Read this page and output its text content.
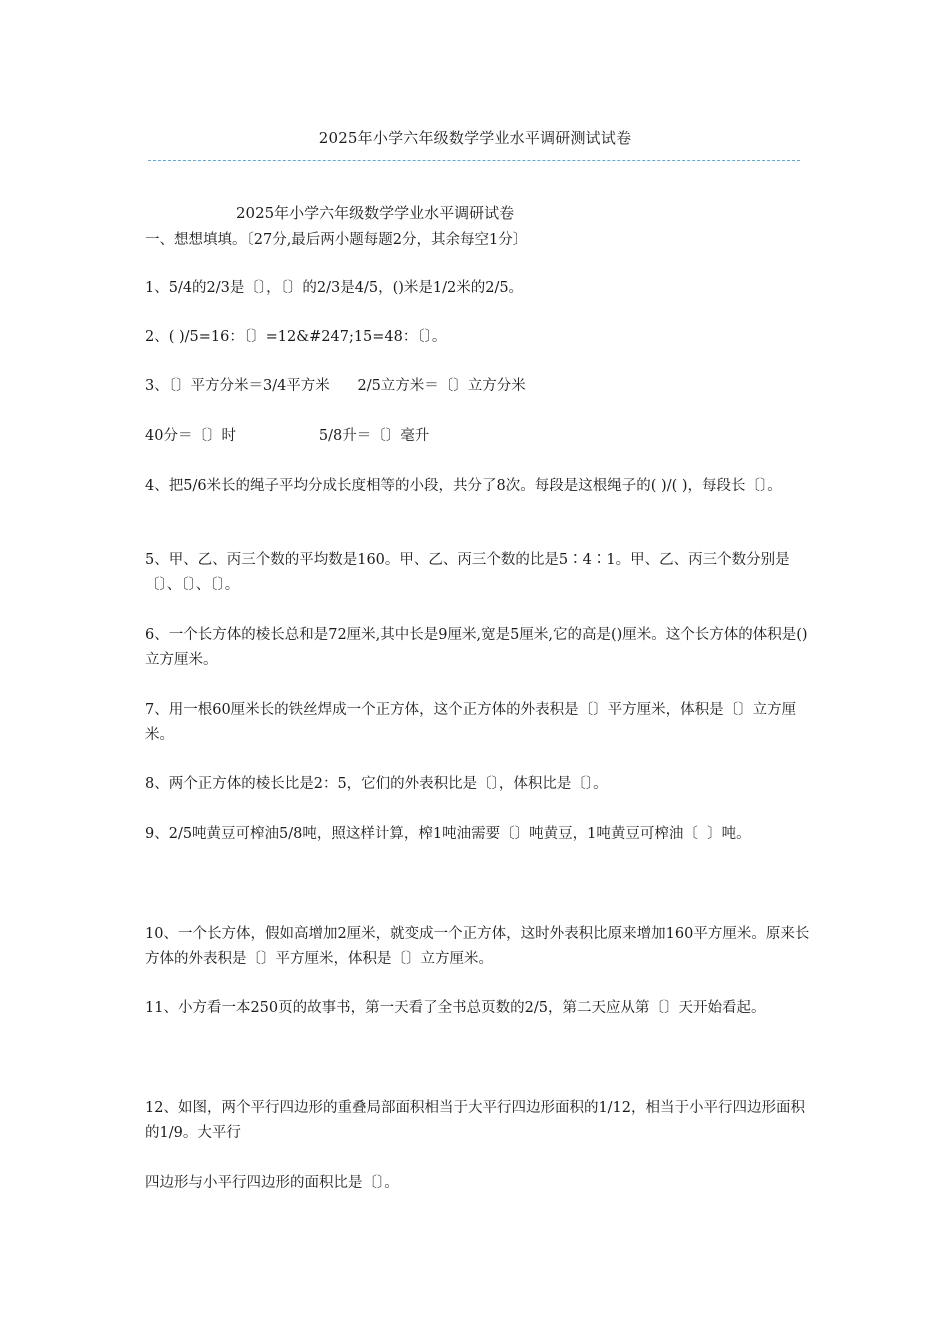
2025年小学六年级数学学业水平调研测试试卷
2025年小学六年级数学学业水平调研试卷
一、想想填填。〔27分,最后两小题每题2分，其余每空1分〕
1、5/4的2/3是〔〕，〔〕的2/3是4/5，()米是1/2米的2/5。
2、( )/5=16：〔〕=12&#247;15=48：〔〕。
3、〔〕平方分米＝3/4平方米      2/5立方米＝〔〕立方分米
40分＝〔〕时                  5/8升＝〔〕毫升
4、把5/6米长的绳子平均分成长度相等的小段，共分了8次。每段是这根绳子的( )/( )，每段长〔〕。
5、甲、乙、丙三个数的平均数是160。甲、乙、丙三个数的比是5∶4∶1。甲、乙、丙三个数分别是〔〕、〔〕、〔〕。
6、一个长方体的棱长总和是72厘米,其中长是9厘米,宽是5厘米,它的高是()厘米。这个长方体的体积是()立方厘米。
7、用一根60厘米长的铁丝焊成一个正方体，这个正方体的外表积是〔〕平方厘米，体积是〔〕立方厘米。
8、两个正方体的棱长比是2：5，它们的外表积比是〔〕，体积比是〔〕。
9、2/5吨黄豆可榨油5/8吨，照这样计算，榨1吨油需要〔〕吨黄豆，1吨黄豆可榨油〔  〕吨。
10、一个长方体，假如高增加2厘米，就变成一个正方体，这时外表积比原来增加160平方厘米。原来长方体的外表积是〔〕平方厘米，体积是〔〕立方厘米。
11、小方看一本250页的故事书，第一天看了全书总页数的2/5，第二天应从第〔〕天开始看起。
12、如图，两个平行四边形的重叠局部面积相当于大平行四边形面积的1/12，相当于小平行四边形面积的1/9。大平行
四边形与小平行四边形的面积比是〔〕。
